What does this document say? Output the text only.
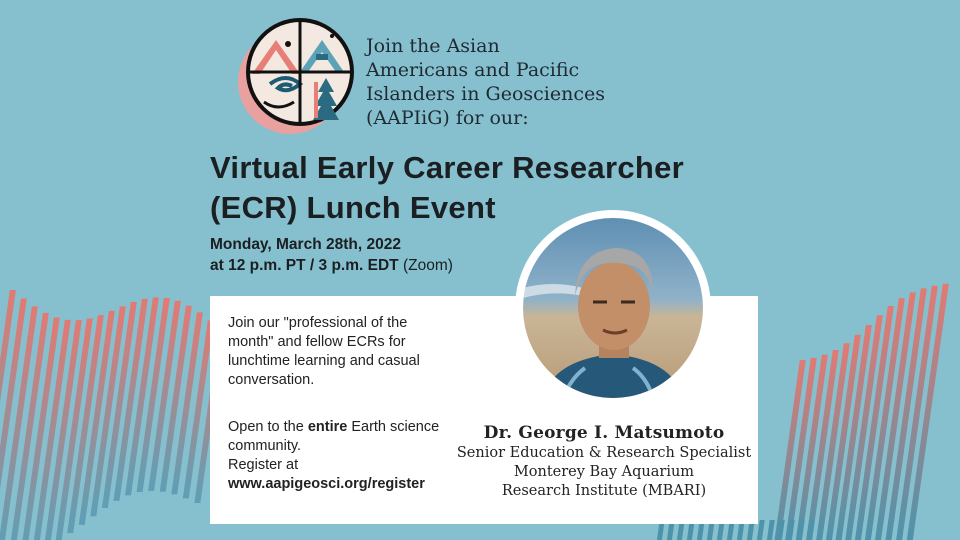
Join the Asian
Americans and Pacific
Islanders in Geosciences
(AAPIiG) for our:
Virtual Early Career Researcher
(ECR) Lunch Event
Monday, March 28th, 2022
at 12 p.m. PT / 3 p.m. EDT (Zoom)
Join our "professional of the month" and fellow ECRs for lunchtime learning and casual conversation.
Open to the entire Earth science community.
Register at
www.aapigeosci.org/register
Dr. George I. Matsumoto
Senior Education & Research Specialist
Monterey Bay Aquarium
Research Institute (MBARI)
